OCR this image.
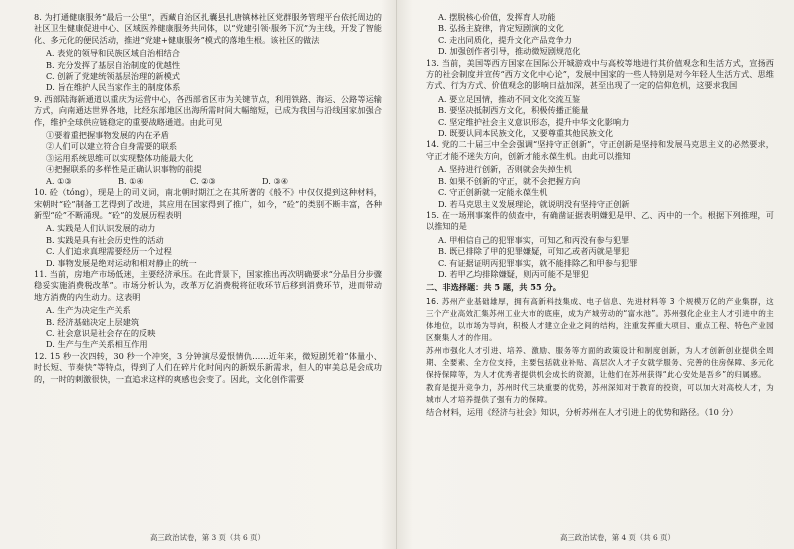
8. 为打通健康服务“最后一公里”，西藏自治区扎囊县扎唐镇林社区党群服务管理平台依托周边的社区卫生健康促进中心、区域医养健康服务共同体，以“党建引领·服务下沉”为主线，开发了智能化、多元化的便民活动，推进“党建+健康服务”模式的落地生根。该社区的做法

A. 表党的领导和民族区域自治相结合

B. 充分发挥了基层自治制度的优越性

C. 创新了党建统领基层治理的新模式

D. 旨在维护人民当家作主的制度体系

9. 西部陆海新通道以重庆为运营中心，各西部省区市为关键节点，利用铁路、海运、公路等运输方式，向南通达世界各地，比经东部地区出海所需时间大幅缩短，已成为我国与沿线国家加强合作，维护全球供应链稳定的重要战略通道。由此可见

①要着重把握事物发展的内在矛盾

②人们可以建立符合自身需要的联系

③运用系统思维可以实现整体功能最大化

④把握联系的多样性是正确认识事物的前提

A. ①③	B. ①④	C. ②③	D. ③④

10. 砼（tóng），现是上的司义词，南北朝时期江之在其所著的《般不》中仅仅提到这种材料，宋朝时“砼”制备工艺得到了改进，其应用在国家得到了推广，如今，“砼”的类别不断丰富，各种新型“砼”不断涌现。“砼”的发展历程表明

A. 实践是人们认识发展的动力

B. 实践是具有社会历史性的活动

C. 人们追求真理需要经历一个过程

D. 事物发展是绝对运动和相对静止的统一

11. 当前，房地产市场低迷，主要经济承压。在此背景下，国家推出再次明确要求“分品目分步骤稳妥实施消费税改革”。市场分析认为，改革万亿消费税将征收环节后移到消费环节，进而带动地方消费的内生动力。这表明

A. 生产为决定生产关系

B. 经济基础决定上层建筑

C. 社会意识是社会存在的反映

D. 生产与生产关系相互作用

12. 15 秒一次四转，30 秒一个冲突，3 分钟演尽爱恨情仇……近年来，微短剧凭着“体量小、时长短、节奏快”等特点，得到了人们在碎片化时间内的新娱乐新需求，但人的审美总是会成功的，一时的刺激很快，一直追求这样的爽感也会变了。因此，文化创作需要

A. 摆脱核心价值，发挥育人功能

B. 弘扬主旋律，肯定短剧演的文化

C. 走出同质化，提升文化产品竞争力

D. 加强创作者引导，推动微短剧规范化

13. 当前，美国等西方国家在国际公开城游戏中与高校等地进行其价值观念和生活方式，宣扬西方的社会制度并宣传“西方文化中心论”，发展中国家的一些人特别是对今年轻人生活方式、思维方式、行为方式、价值观念的影响日益加深，甚至出现了一定的信仰危机，这要求我国

A. 要立足国情，推动不同文化交流互鉴

B. 要坚决抵制西方文化，积极传播正能量

C. 坚定维护社会主义意识形态，提升中华文化影响力

D. 既要认同本民族文化，又要尊重其他民族文化

14. 党的二十届三中全会强调“坚持守正创新”，守正创新是坚持和发展马克思主义的必然要求，守正才能不迷失方向，创新才能永葆生机。由此可以推知

A. 坚持进行创新，否则就会失掉生机

B. 如果不创新的守正，就不会把握方向

C. 守正创新就一定能永葆生机

D. 若马克思主义发展理论，就说明没有坚持守正创新

15. 在一场刑事案件的侦查中，有确凿证据表明嫌犯是甲、乙、丙中的一个。根据下列推理，可以推知的是

A. 甲相信自己的犯罪事实，可知乙和丙没有参与犯罪

B. 既已排除了甲的犯罪嫌疑，可知乙或者丙就是罪犯

C. 有证据证明丙犯罪事实，就不能排除乙和甲参与犯罪

D. 若甲乙均排除嫌疑，则丙可能不是罪犯

二、非选择题：共 5 题，共 55 分。

16. 苏州产业基础雄厚，拥有高新科技集成、电子信息、先进材料等 3 个规模万亿的产业集群，这三个产业高效汇集苏州工业大市的底座，成为产城劳动的“富水池”。苏州强化企业主人才引进中的主体地位，以市场为导向，积极人才建立企业之间的结构，注重发挥重大项目、重点工程、特色产业园区聚集人才的作用。

苏州市强化人才引进、培养、激励、服务等方面的政策设计和制度创新，为人才创新创业提供全周期、全要素、全方位支持，主要包括就业补贴、高层次人才子女就学服务、完善的住房保障、多元化保持保障等，为人才优秀者提供机会成长的资源，让他们在苏州获得“此心安处是吾乡”的归属感。

教育是提升竞争力，苏州时代三块重要的优势，苏州深知对于教育的投资，可以加大对高校人才，为城市人才培养提供了强有力的保障。

结合材料，运用《经济与社会》知识，分析苏州在人才引进上的优势和路径。（10 分）

高三政治试卷，第 3 页（共 6 页）	高三政治试卷，第 4 页（共 6 页）
